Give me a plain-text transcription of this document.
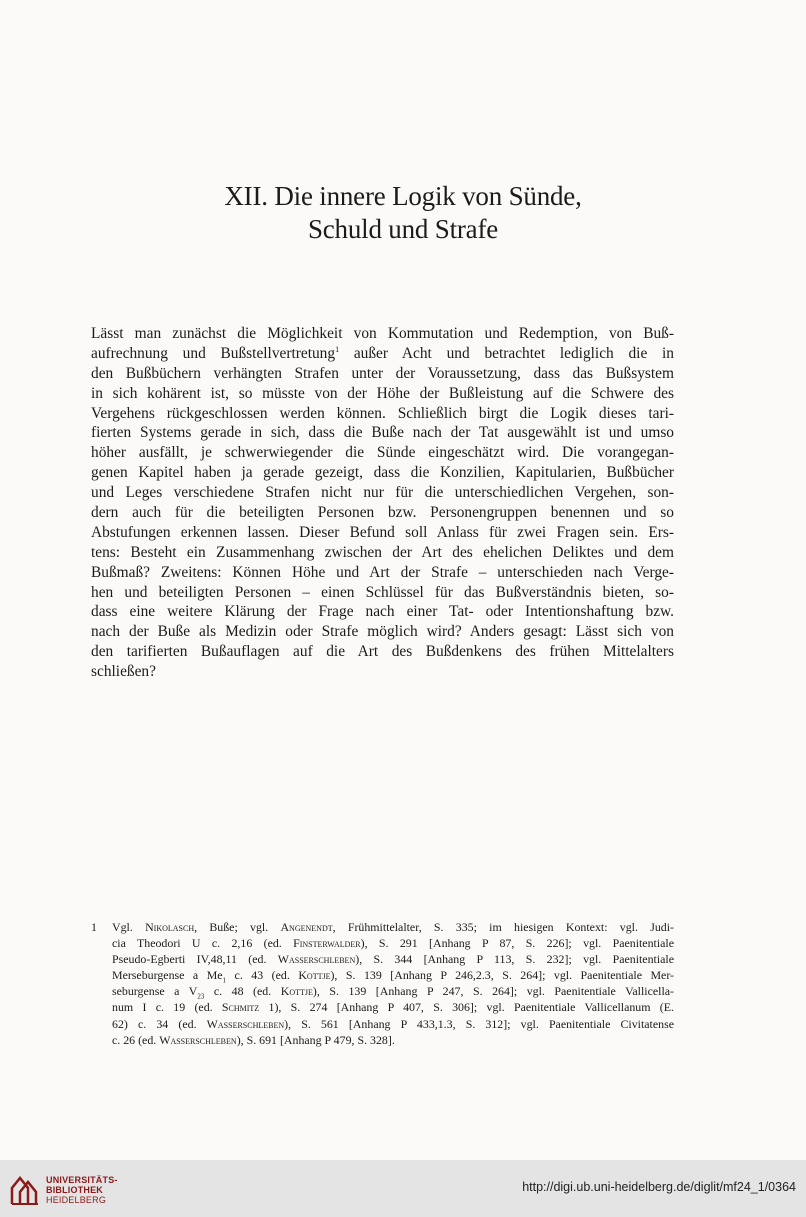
XII. Die innere Logik von Sünde,
Schuld und Strafe
Lässt man zunächst die Möglichkeit von Kommutation und Redemption, von Buß-
aufrechnung und Bußstellvertretung$^1$ außer Acht und betrachtet lediglich die in
den Bußbüchern verhängten Strafen unter der Voraussetzung, dass das Bußsystem
in sich kohärent ist, so müsste von der Höhe der Bußleistung auf die Schwere des
Vergehens rückgeschlossen werden können. Schließlich birgt die Logik dieses tari-
fierten Systems gerade in sich, dass die Buße nach der Tat ausgewählt ist und umso
höher ausfällt, je schwerwiegender die Sünde eingeschätzt wird. Die vorangegan-
genen Kapitel haben ja gerade gezeigt, dass die Konzilien, Kapitularien, Bußbücher
und Leges verschiedene Strafen nicht nur für die unterschiedlichen Vergehen, son-
dern auch für die beteiligten Personen bzw. Personengruppen benennen und so
Abstufungen erkennen lassen. Dieser Befund soll Anlass für zwei Fragen sein. Ers-
tens: Besteht ein Zusammenhang zwischen der Art des ehelichen Deliktes und dem
Bußmaß? Zweitens: Können Höhe und Art der Strafe – unterschieden nach Verge-
hen und beteiligten Personen – einen Schlüssel für das Bußverständnis bieten, so-
dass eine weitere Klärung der Frage nach einer Tat- oder Intentionshaftung bzw.
nach der Buße als Medizin oder Strafe möglich wird? Anders gesagt: Lässt sich von
den tarifierten Bußauflagen auf die Art des Bußdenkens des frühen Mittelalters
schließen?
1 Vgl. Nikolasch, Buße; vgl. Angenendt, Frühmittelalter, S. 335; im hiesigen Kontext: vgl. Judi-
cia Theodori U c. 2,16 (ed. Finsterwalder), S. 291 [Anhang P 87, S. 226]; vgl. Paenitentiale
Pseudo-Egberti IV,48,11 (ed. Wasserschleben), S. 344 [Anhang P 113, S. 232]; vgl. Paenitentiale
Merseburgense a $Me_1$ c. 43 (ed. Kottje), S. 139 [Anhang P 246,2.3, S. 264]; vgl. Paenitentiale Mer-
seburgense a $V_{23}$ c. 48 (ed. Kottje), S. 139 [Anhang P 247, S. 264]; vgl. Paenitentiale Vallicella-
num I c. 19 (ed. Schmitz 1), S. 274 [Anhang P 407, S. 306]; vgl. Paenitentiale Vallicellanum (E.
62) c. 34 (ed. Wasserschleben), S. 561 [Anhang P 433,1.3, S. 312]; vgl. Paenitentiale Civitatense
c. 26 (ed. Wasserschleben), S. 691 [Anhang P 479, S. 328].
UNIVERSITÄTS-
BIBLIOTHEK
HEIDELBERG
http://digi.ub.uni-heidelberg.de/diglit/mf24_1/0364
